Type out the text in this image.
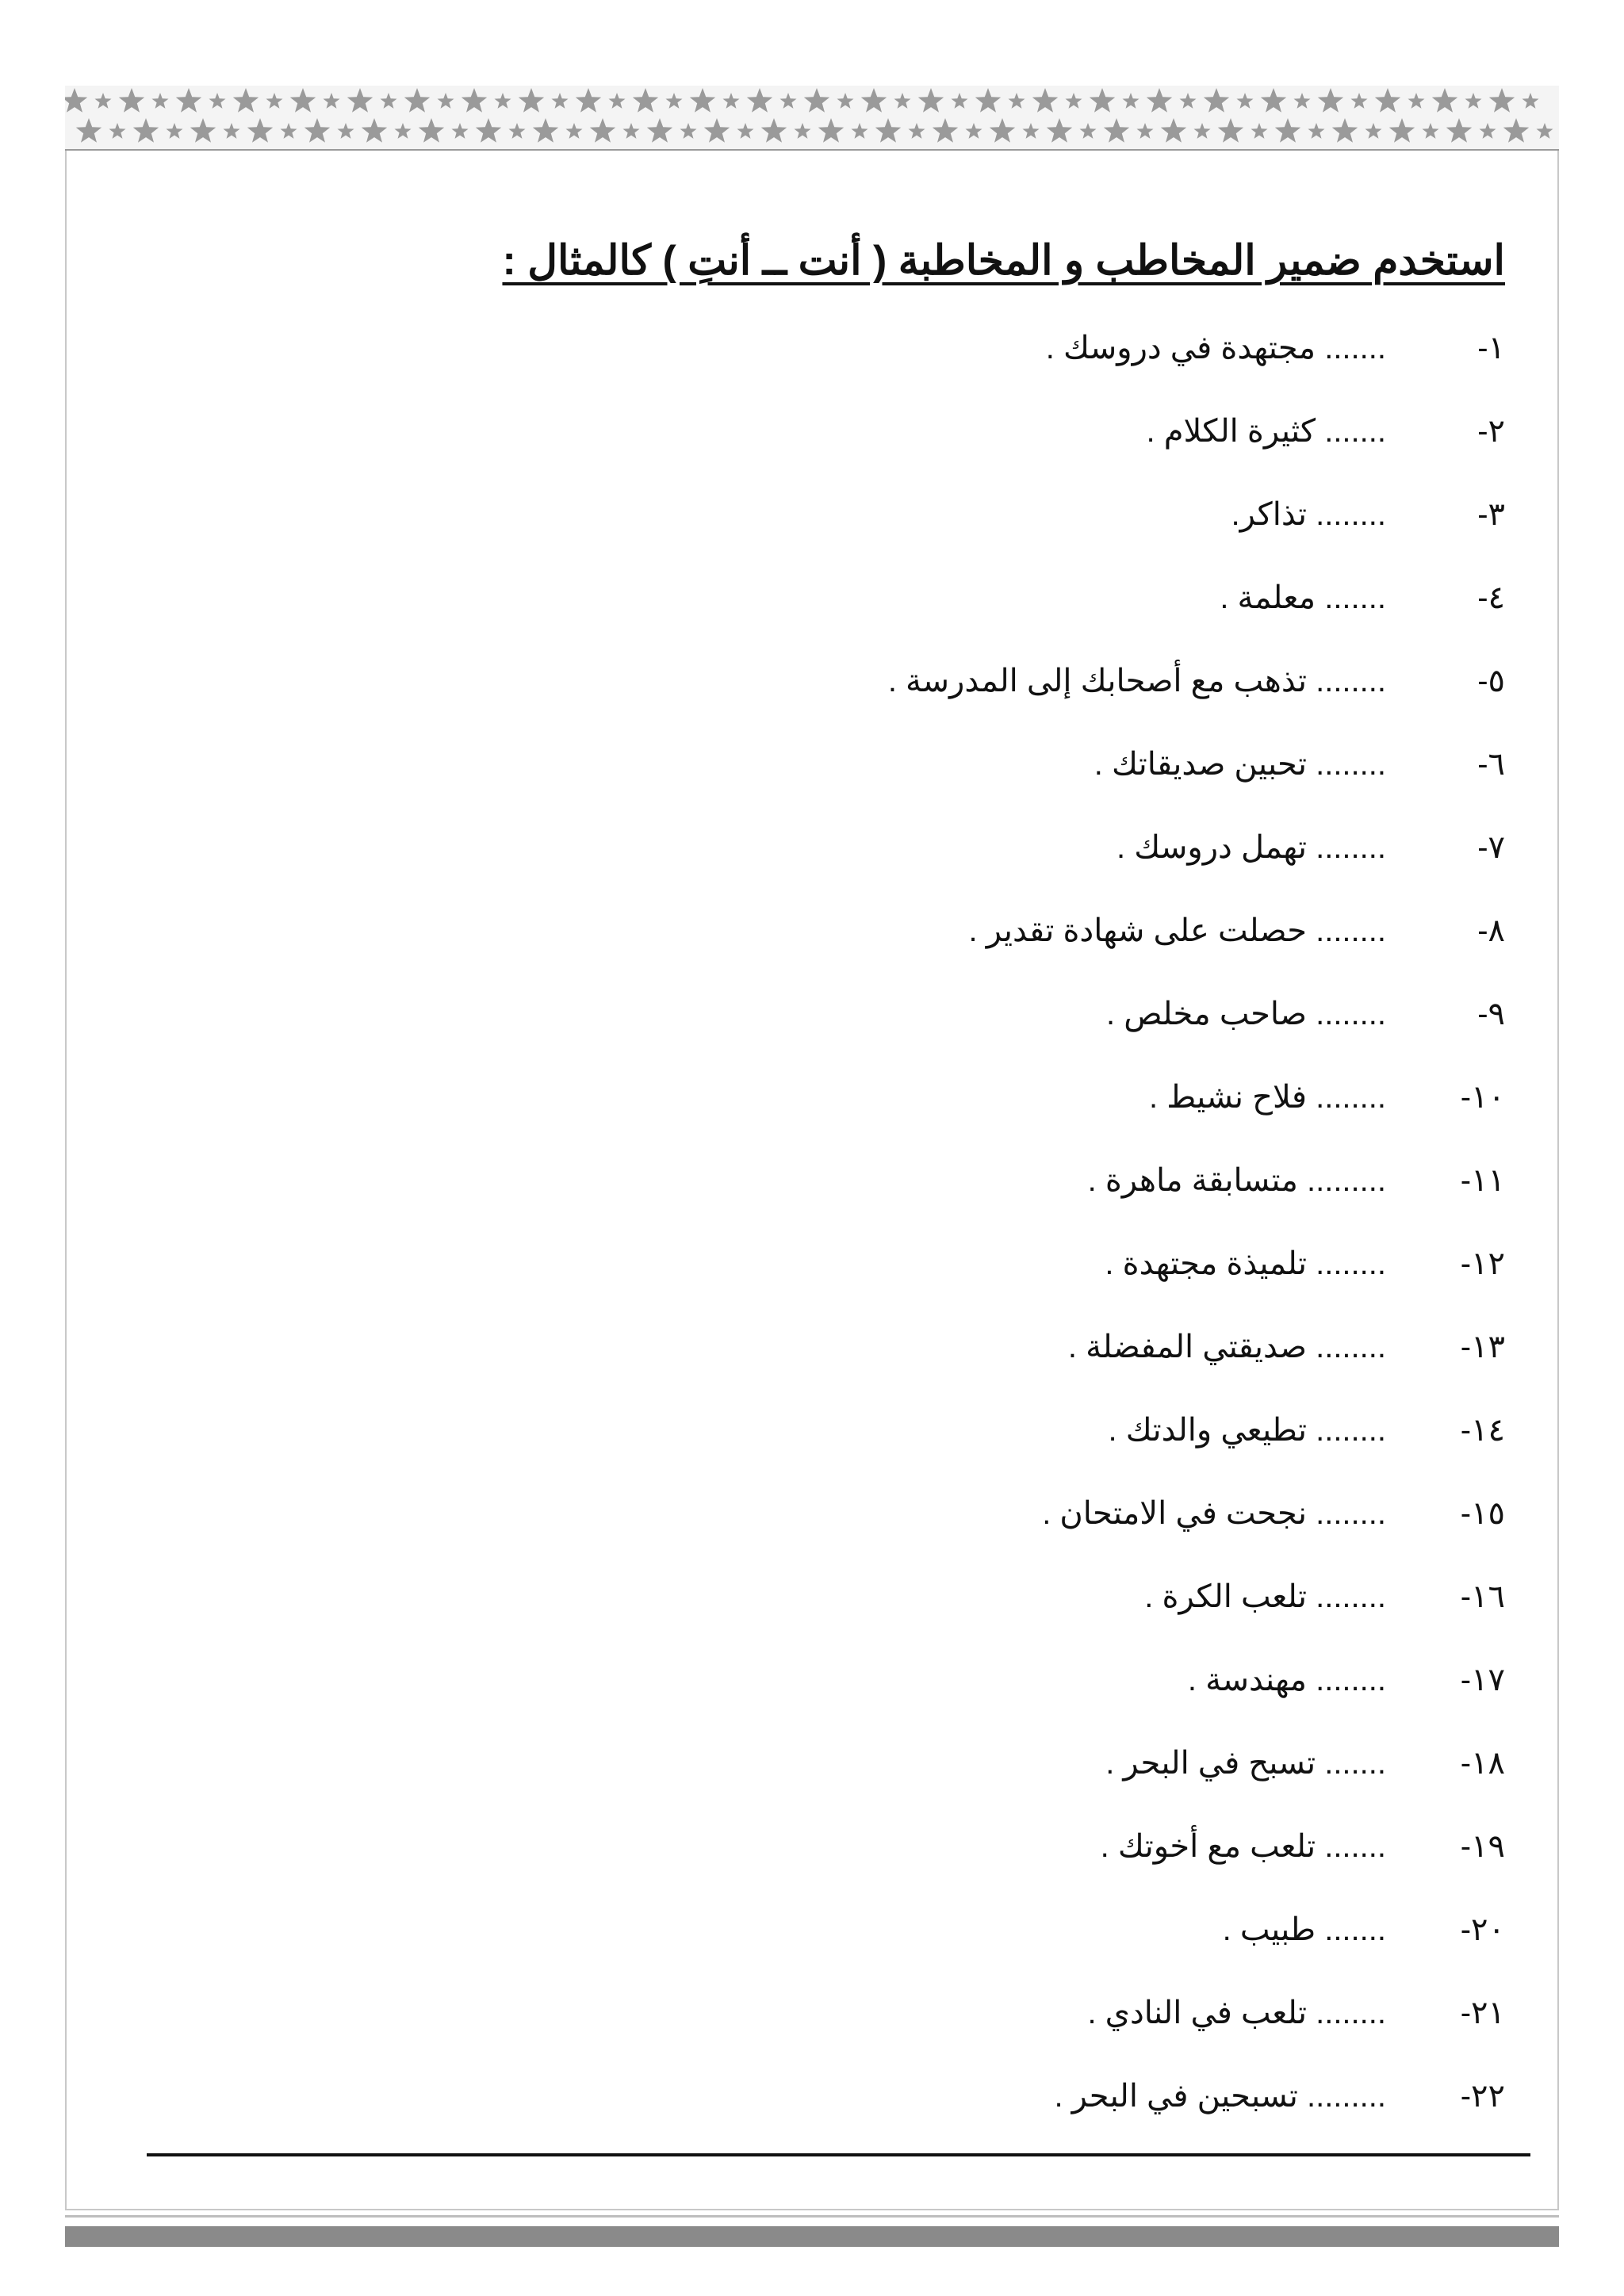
استخدم ضمير المخاطب و المخاطبة ( أنت ــ أنتِ ) كالمثال :
١-
....... مجتهدة في دروسك .
٢-
....... كثيرة الكلام .
٣-
........ تذاكر.
٤-
....... معلمة .
٥-
........ تذهب مع أصحابك إلى المدرسة .
٦-
........ تحبين صديقاتك .
٧-
........ تهمل دروسك .
٨-
........ حصلت على شهادة تقدير .
٩-
........ صاحب مخلص .
١٠-
........ فلاح نشيط .
١١-
......... متسابقة ماهرة .
١٢-
........ تلميذة مجتهدة .
١٣-
........ صديقتي المفضلة .
١٤-
........ تطيعي والدتك .
١٥-
........ نجحت في الامتحان .
١٦-
........ تلعب الكرة .
١٧-
........ مهندسة .
١٨-
....... تسبح في البحر .
١٩-
....... تلعب مع أخوتك .
٢٠-
....... طبيب .
٢١-
........ تلعب في النادي .
٢٢-
......... تسبحين في البحر .
